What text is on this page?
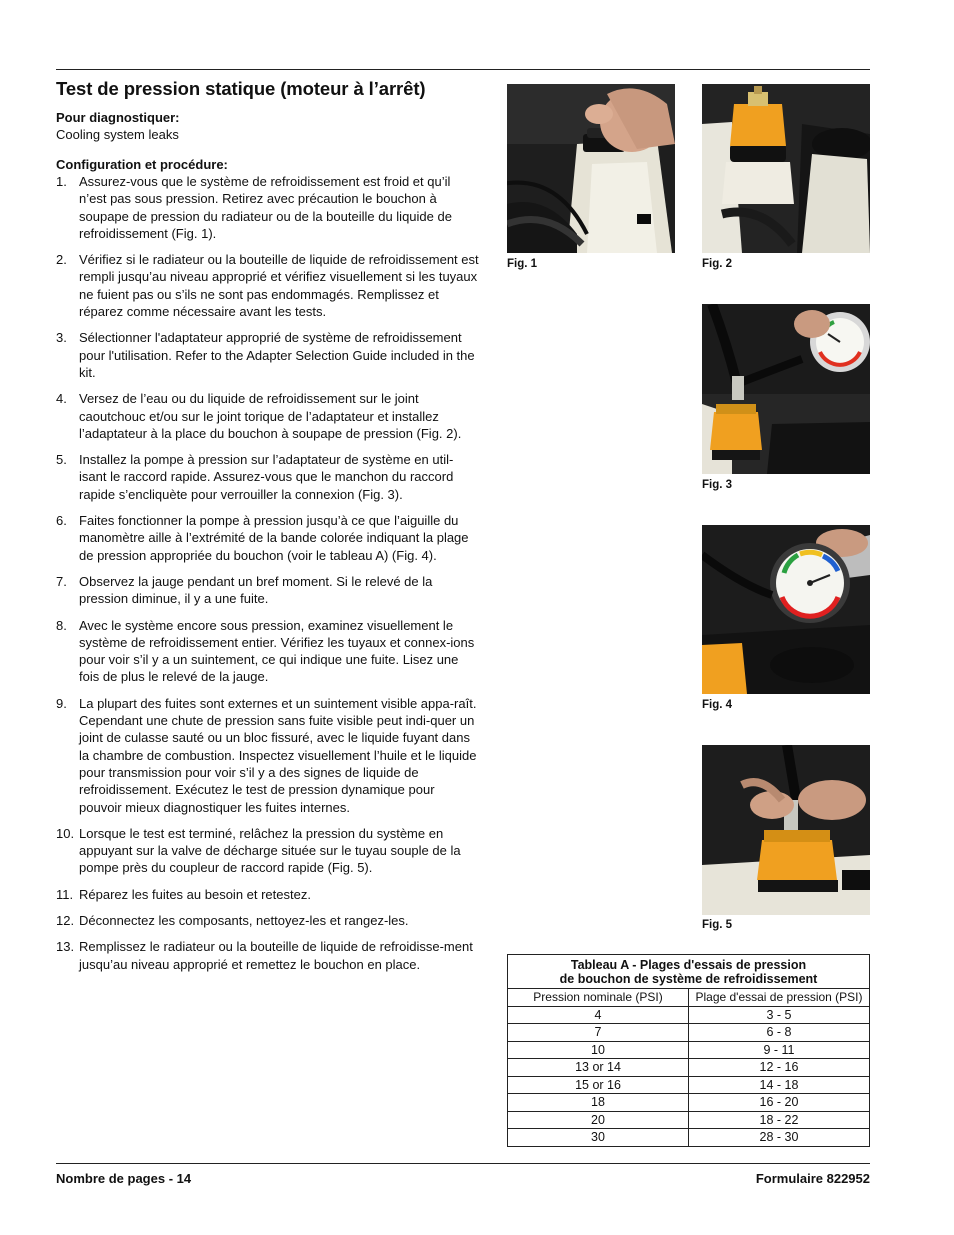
Test de pression statique (moteur à l’arrêt)
Pour diagnostiquer:
Cooling system leaks
Configuration et procédure:
1. Assurez-vous que le système de refroidissement est froid et qu’il n’est pas sous pression. Retirez avec précaution le bouchon à soupape de pression du radiateur ou de la bouteille du liquide de refroidissement (Fig. 1).
2. Vérifiez si le radiateur ou la bouteille de liquide de refroidissement est rempli jusqu’au niveau approprié et vérifiez visuellement si les tuyaux ne fuient pas ou s’ils ne sont pas endommagés. Remplissez et réparez comme nécessaire avant les tests.
3. Sélectionner l'adaptateur approprié de système de refroidissement pour l'utilisation. Refer to the Adapter Selection Guide included in the kit.
4. Versez de l’eau ou du liquide de refroidissement sur le joint caoutchouc et/ou sur le joint torique de l’adaptateur et installez l’adaptateur à la place du bouchon à soupape de pression (Fig. 2).
5. Installez la pompe à pression sur l’adaptateur de système en util-isant le raccord rapide. Assurez-vous que le manchon du raccord rapide s’encliquète pour verrouiller la connexion (Fig. 3).
6. Faites fonctionner la pompe à pression jusqu’à ce que l’aiguille du manomètre aille à l’extrémité de la bande colorée indiquant la plage de pression appropriée du bouchon (voir le tableau A) (Fig. 4).
7. Observez la jauge pendant un bref moment. Si le relevé de la pression diminue, il y a une fuite.
8. Avec le système encore sous pression, examinez visuellement le système de refroidissement entier. Vérifiez les tuyaux et connex-ions pour voir s’il y a un suintement, ce qui indique une fuite. Lisez une fois de plus le relevé de la jauge.
9. La plupart des fuites sont externes et un suintement visible appa-raît. Cependant une chute de pression sans fuite visible peut indi-quer un joint de culasse sauté ou un bloc fissuré, avec le liquide fuyant dans la chambre de combustion. Inspectez visuellement l’huile et le liquide pour transmission pour voir s’il y a des signes de liquide de refroidissement. Exécutez le test de pression dynamique pour pouvoir mieux diagnostiquer les fuites internes.
10. Lorsque le test est terminé, relâchez la pression du système en appuyant sur la valve de décharge située sur le tuyau souple de la pompe près du coupleur de raccord rapide (Fig. 5).
11. Réparez les fuites au besoin et retestez.
12. Déconnectez les composants, nettoyez-les et rangez-les.
13. Remplissez le radiateur ou la bouteille de liquide de refroidisse-ment jusqu’au niveau approprié et remettez le bouchon en place.
Fig. 1	Fig. 2
Fig. 3
Fig. 4
Fig. 5
Tableau A - Plages d'essais de pression
de bouchon de système de refroidissement	

Pression nominale (PSI)	Plage d'essai de pression (PSI)
4	3 - 5
7	6 - 8
10	9 - 11
13 or 14	12 - 16
15 or 16	14 - 18
18	16 - 20
20	18 - 22
30	28 - 30
Nombre de pages - 14	Formulaire 822952
